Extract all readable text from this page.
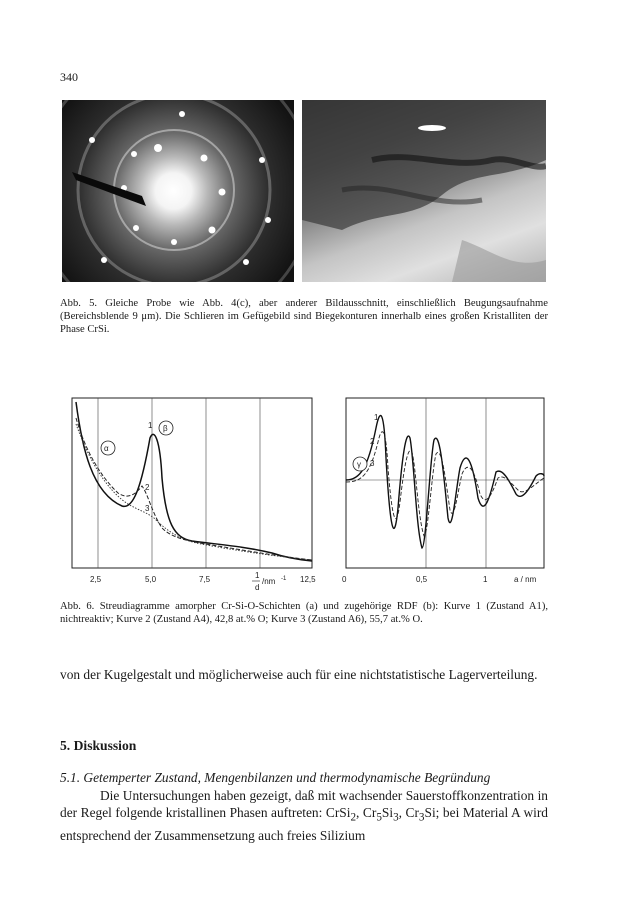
340
Abb. 5. Gleiche Probe wie Abb. 4(c), aber anderer Bildausschnitt, einschließlich Beugungsaufnahme (Bereichsblende 9 μm). Die Schlieren im Gefügebild sind Biegekonturen innerhalb eines großen Kristalliten der Phase CrSi.
2,5	5,0	7,5	12,5
1
d
/nm -1
α
β
1
2
3
0	0,5	1	a / nm
γ
1
2
3
Abb. 6. Streudiagramme amorpher Cr-Si-O-Schichten (a) und zugehörige RDF (b): Kurve 1 (Zustand A1), nichtreaktiv; Kurve 2 (Zustand A4), 42,8 at.% O; Kurve 3 (Zustand A6), 55,7 at.% O.
von der Kugelgestalt und möglicherweise auch für eine nichtstatistische Lagerverteilung.
5. Diskussion
5.1. Getemperter Zustand, Mengenbilanzen und thermodynamische Begründung
Die Untersuchungen haben gezeigt, daß mit wachsender Sauerstoffkonzentration in der Regel folgende kristallinen Phasen auftreten: CrSi$_2$, $Cr_5Si_3$, $Cr_3Si$; bei Material A wird entsprechend der Zusammensetzung auch freies Silizium
